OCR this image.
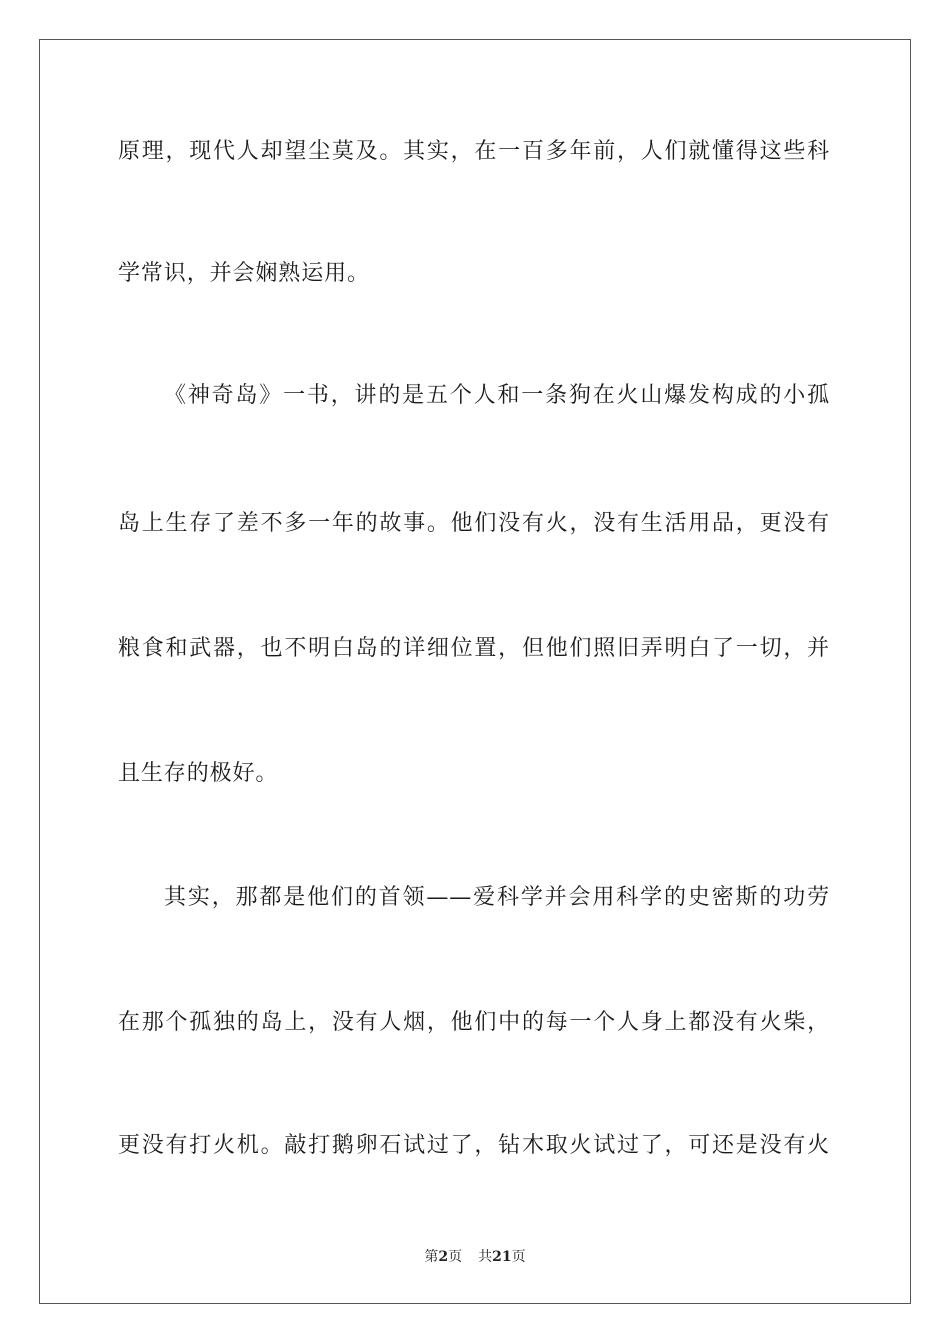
原理，现代人却望尘莫及。其实，在一百多年前，人们就懂得这些科
学常识，并会娴熟运用。
《神奇岛》一书，讲的是五个人和一条狗在火山爆发构成的小孤
岛上生存了差不多一年的故事。他们没有火，没有生活用品，更没有
粮食和武器，也不明白岛的详细位置，但他们照旧弄明白了一切，并
且生存的极好。
其实，那都是他们的首领——爱科学并会用科学的史密斯的功劳
在那个孤独的岛上，没有人烟，他们中的每一个人身上都没有火柴，
更没有打火机。敲打鹅卵石试过了，钻木取火试过了，可还是没有火
第2页 共21页
